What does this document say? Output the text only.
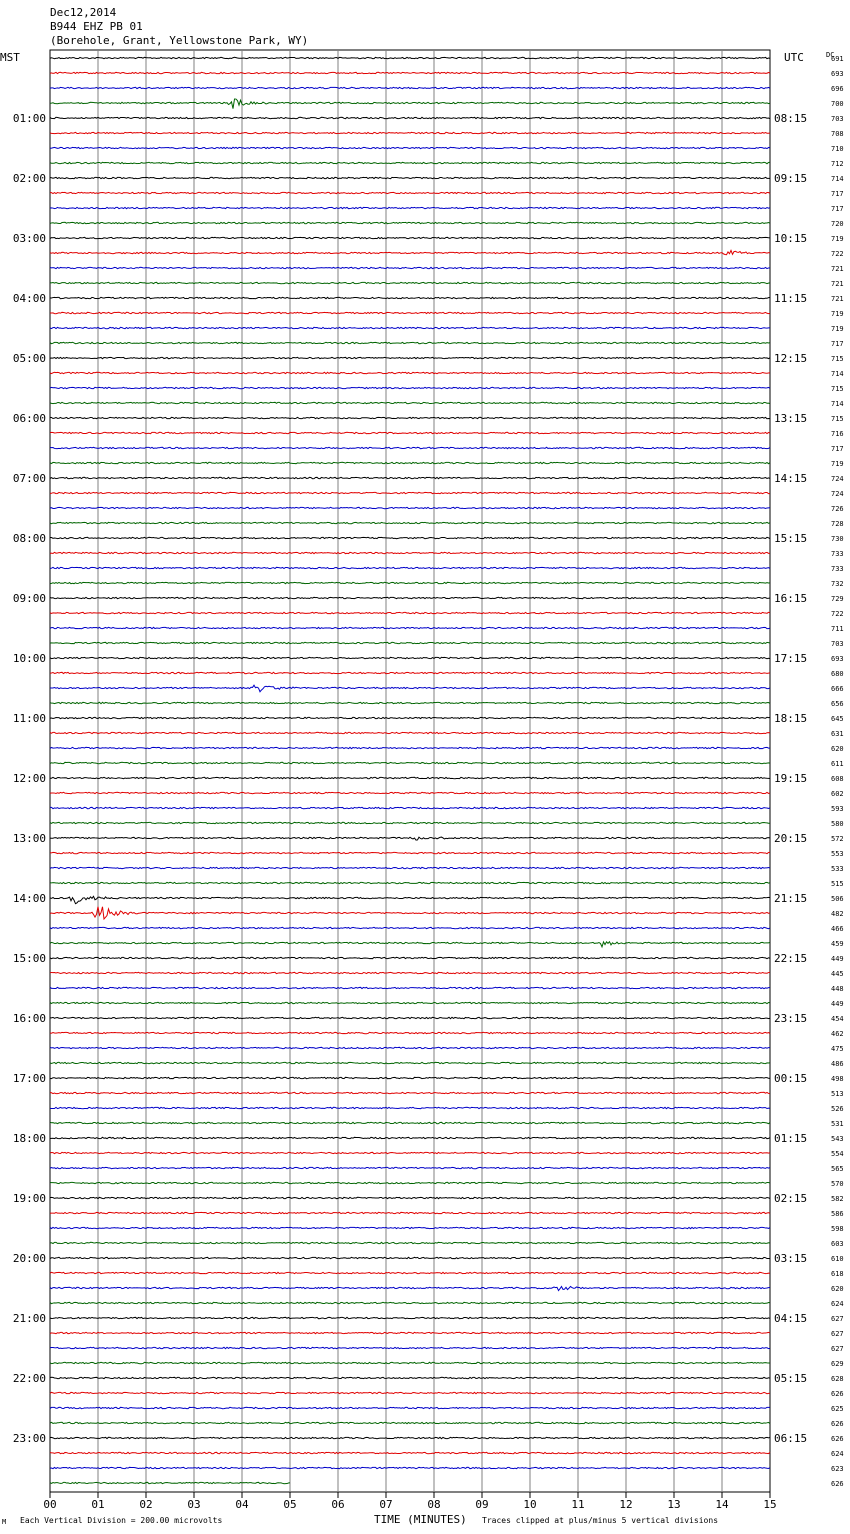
Dec12,2014
B944 EHZ PB 01
(Borehole, Grant, Yellowstone Park, WY)
00	01	02	03	04	05	06	07	08	09	10	11	12	13	14	15
691
693
696
700
703
708
710
712
714
717
717
720
719
722
721
721
721
719
719
717
715
714
715
714
715
716
717
719
724
724
726
728
730
733
733
732
729
722
711
703
693
680
666
656
645
631
620
611
608
602
593
580
572
553
533
515
506
482
466
459
449
445
448
449
454
462
475
486
498
513
526
531
543
554
565
570
582
586
598
603
610
618
620
624
627
627
627
629
628
626
625
626
626
624
623
626
MST	UTC	DC
01:00
02:00
03:00
04:00
05:00
06:00
07:00
08:00
09:00
10:00
11:00
12:00
13:00
14:00
15:00
16:00
17:00
18:00
19:00
20:00
21:00
22:00
23:00
08:15
09:15
10:15
11:15
12:15
13:15
14:15
15:15
16:15
17:15
18:15
19:15
20:15
21:15
22:15
23:15
00:15
01:15
02:15
03:15
04:15
05:15
06:15
M Each Vertical Division = 200.00 microvolts	TIME (MINUTES) Traces clipped at plus/minus 5 vertical divisions
